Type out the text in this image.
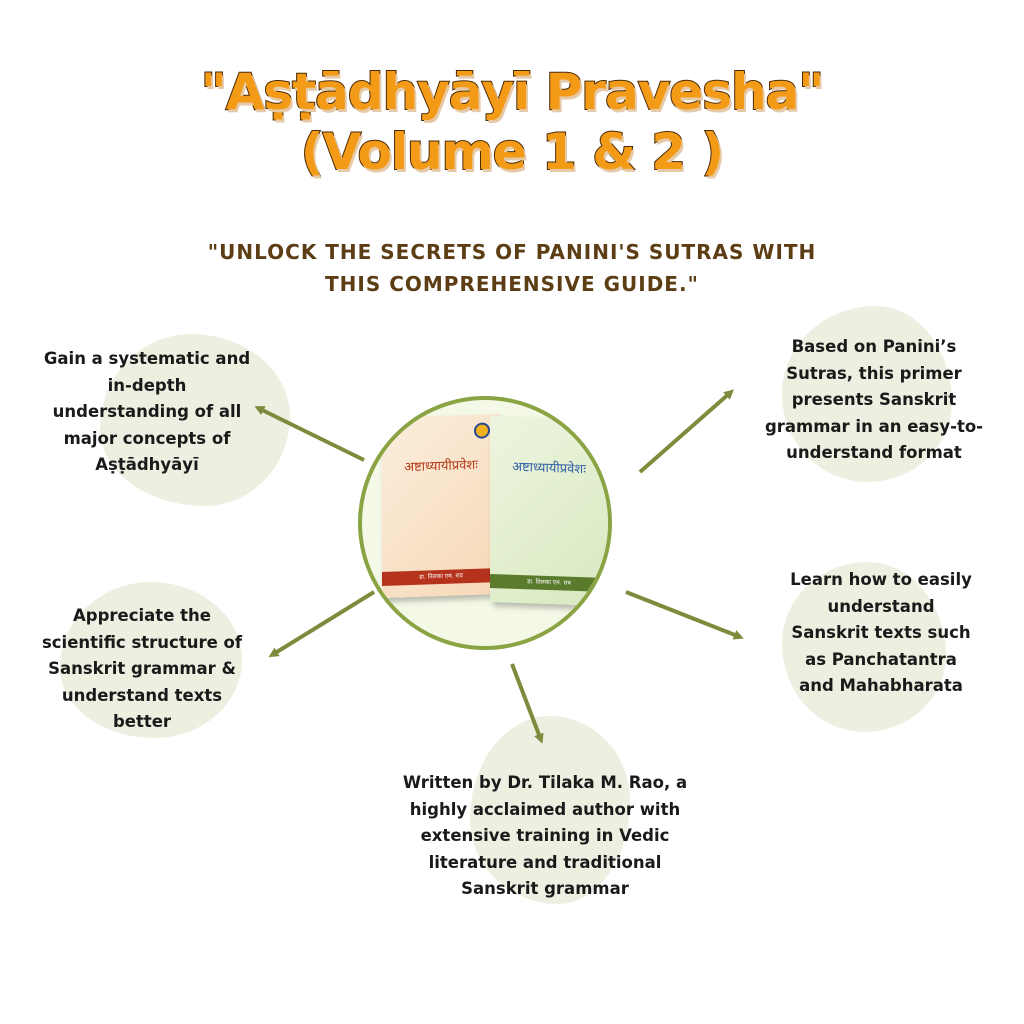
"Aṣṭādhyāyī Pravesha"
(Volume 1 & 2 )

"UNLOCK THE SECRETS OF PANINI'S SUTRAS WITH
THIS COMPREHENSIVE GUIDE."

अष्टाध्यायीप्रवेशः
डा. तिलका एम. राव
अष्टाध्यायीप्रवेशः
डा. तिलका एम. राव
Gain a systematic and
in-depth
understanding of all
major concepts of
Aṣṭādhyāyī
Based on Panini’s
Sutras, this primer
presents Sanskrit
grammar in an easy-to-
understand format
Appreciate the
scientific structure of
Sanskrit grammar &
understand texts
better
Learn how to easily
understand
Sanskrit texts such
as Panchatantra
and Mahabharata
Written by Dr. Tilaka M. Rao, a
highly acclaimed author with
extensive training in Vedic
literature and traditional
Sanskrit grammar
